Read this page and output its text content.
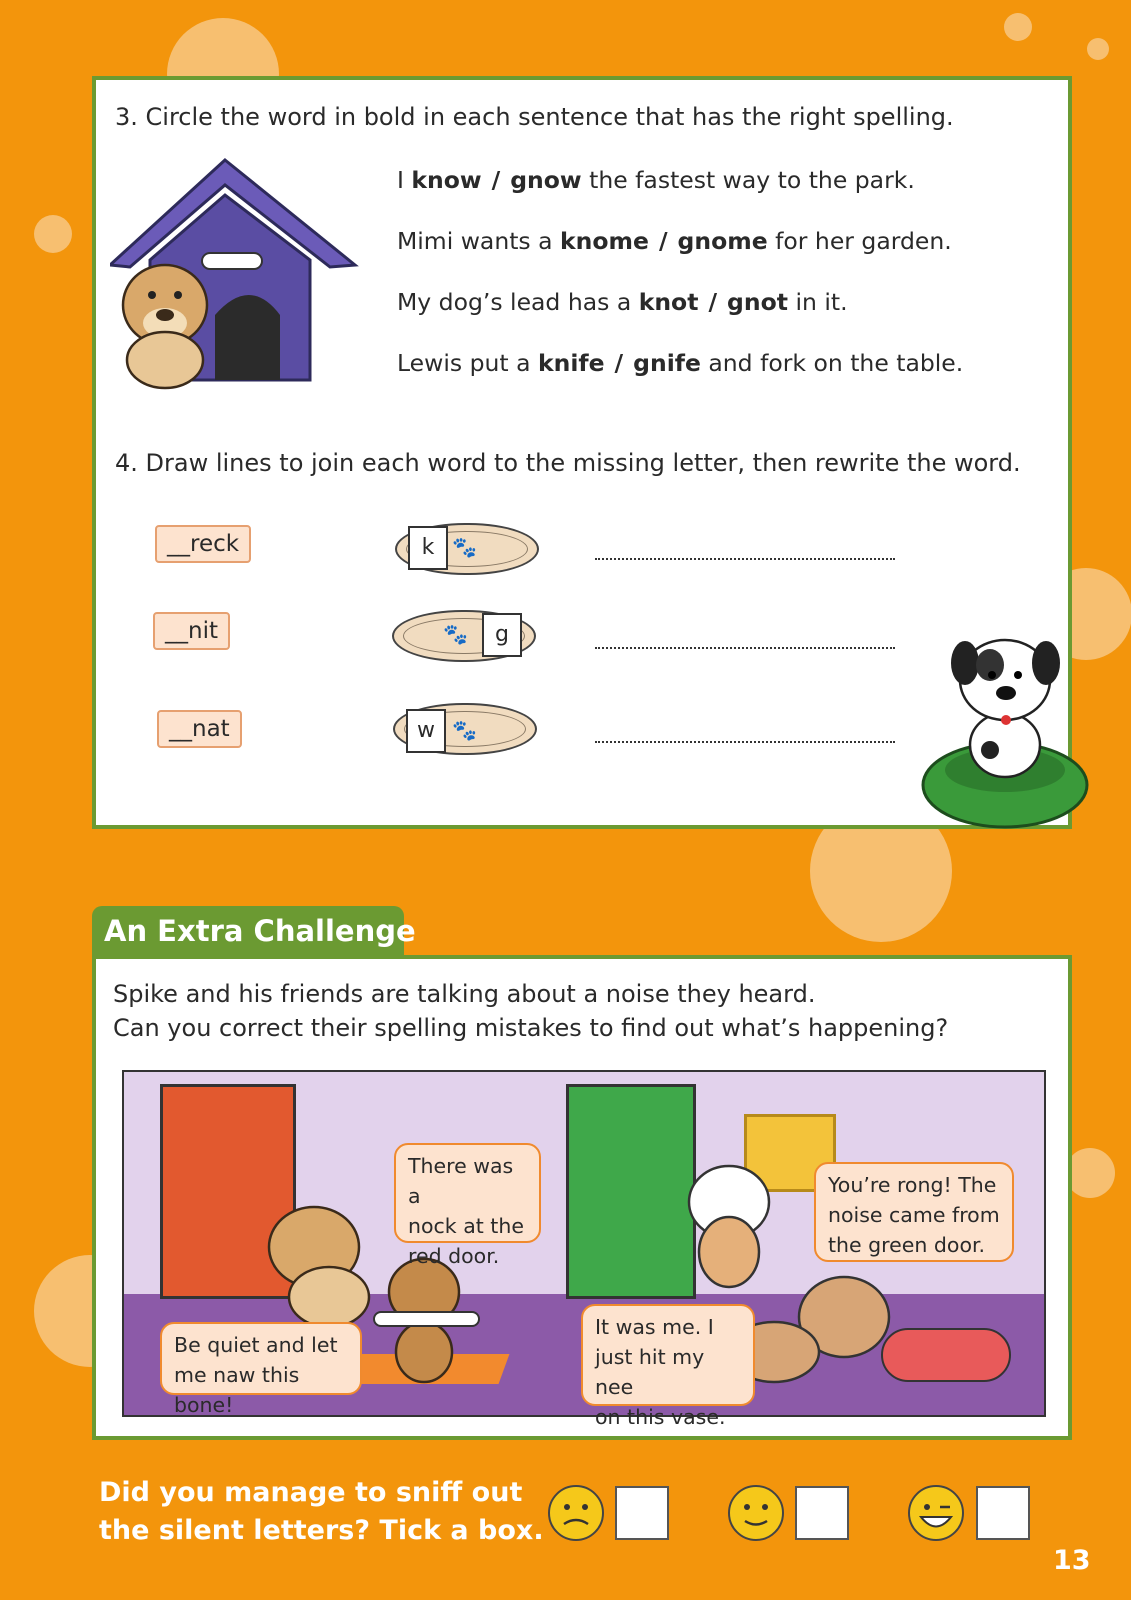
3. Circle the word in bold in each sentence that has the right spelling.
I know / gnow the fastest way to the park.
Mimi wants a knome / gnome for her garden.
My dog’s lead has a knot / gnot in it.
Lewis put a knife / gnife and fork on the table.
4. Draw lines to join each word to the missing letter, then rewrite the word.
__reck
__nit
__nat
k 🐾
g
🐾
w 🐾
An Extra Challenge
Spike and his friends are talking about a noise they heard.
Can you correct their spelling mistakes to find out what’s happening?
There was a
nock at the
red door.
You’re rong! The
noise came from
the green door.
Be quiet and let
me naw this bone!
It was me. I
just hit my nee
on this vase.
Did you manage to sniff out
the silent letters? Tick a box.
13
